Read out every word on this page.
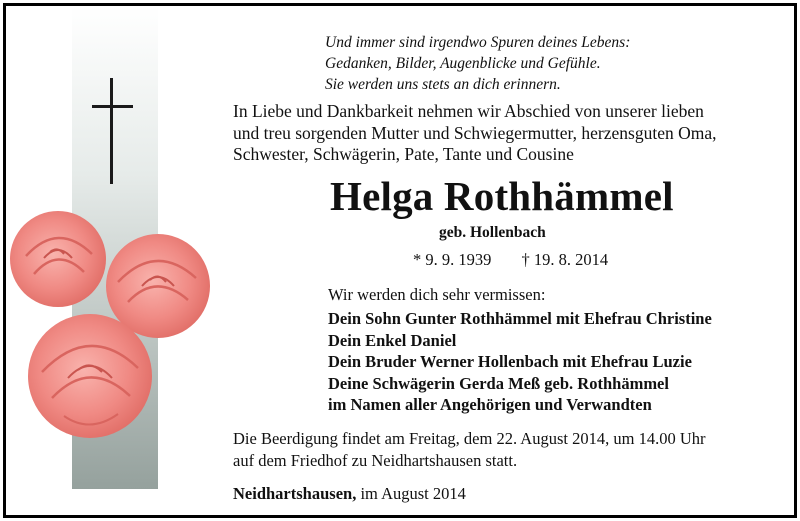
Und immer sind irgendwo Spuren deines Lebens:
Gedanken, Bilder, Augenblicke und Gefühle.
Sie werden uns stets an dich erinnern.
In Liebe und Dankbarkeit nehmen wir Abschied von unserer lieben
und treu sorgenden Mutter und Schwiegermutter, herzensguten Oma,
Schwester, Schwägerin, Pate, Tante und Cousine
Helga Rothhämmel
geb. Hollenbach
* 9. 9. 1939 † 19. 8. 2014
Wir werden dich sehr vermissen:
Dein Sohn Gunter Rothhämmel mit Ehefrau Christine
Dein Enkel Daniel
Dein Bruder Werner Hollenbach mit Ehefrau Luzie
Deine Schwägerin Gerda Meß geb. Rothhämmel
im Namen aller Angehörigen und Verwandten
Die Beerdigung findet am Freitag, dem 22. August 2014, um 14.00 Uhr
auf dem Friedhof zu Neidhartshausen statt.
Neidhartshausen, im August 2014
